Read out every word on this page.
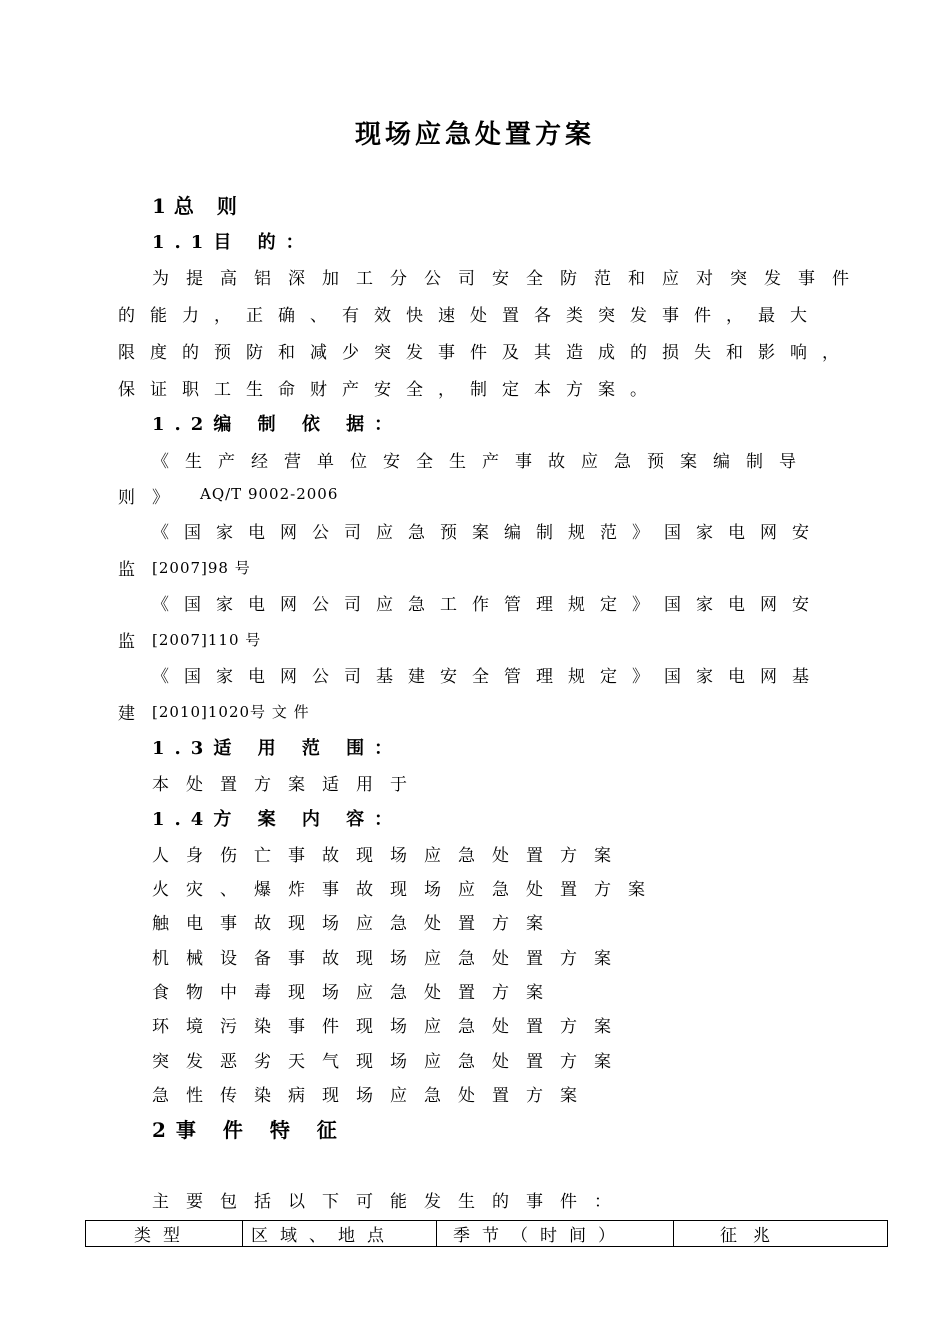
现场应急处置方案
1总 则
1.1目 的：
为提高铝深加工分公司安全防范和应对突发事件
的能力，正确、有效快速处置各类突发事件，最大
限度的预防和减少突发事件及其造成的损失和影响，
保证职工生命财产安全，制定本方案。
1.2编 制 依 据：
《生产经营单位安全生产事故应急预案编制导
则》 AQ/T 9002-2006
《国家电网公司应急预案编制规范》国家电网安
监 [2007]98 号
《国家电网公司应急工作管理规定》国家电网安
监 [2007]110 号
《国家电网公司基建安全管理规定》国家电网基
建 [2010]1020号 文 件
1.3适 用 范 围：
本处置方案适用于
1.4方 案 内 容：
人身伤亡事故现场应急处置方案
火灾、爆炸事故现场应急处置方案
触电事故现场应急处置方案
机械设备事故现场应急处置方案
食物中毒现场应急处置方案
环境污染事件现场应急处置方案
突发恶劣天气现场应急处置方案
急性传染病现场应急处置方案
2事 件 特 征
主要包括以下可能发生的事件：
类型	区域、地点	季节（时间）	征兆
